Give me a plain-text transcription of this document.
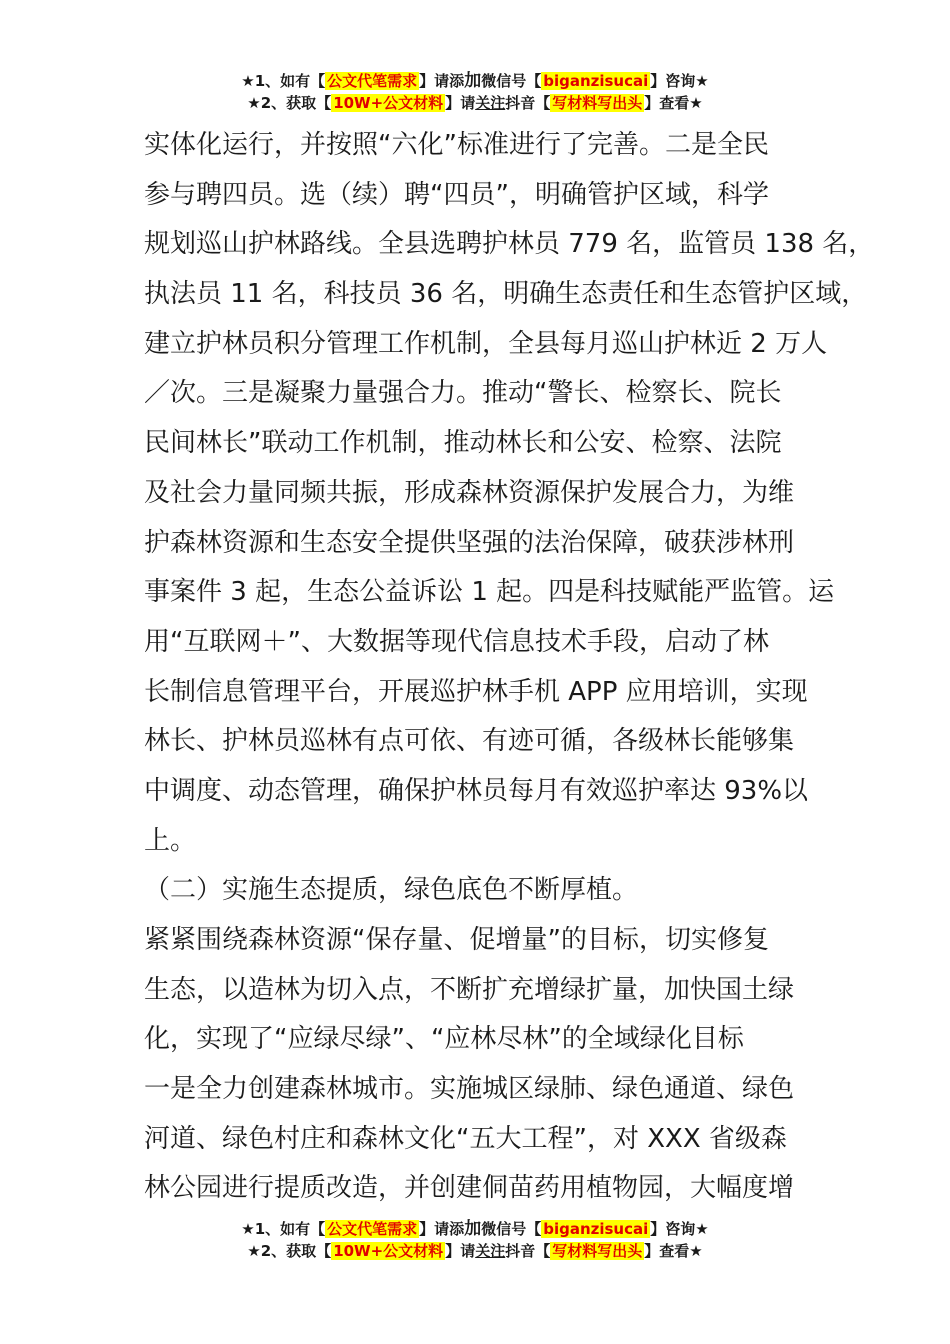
★1、如有【 公文代笔需求 】请添加微信号【 biganzisucai 】咨询★
★2、获取【 10W+公文材料 】请关注抖音【 写材料写出头 】查看★
实体化运行，并按照“六化”标准进行了完善。二是全民
参与聘四员。选（续）聘“四员”，明确管护区域，科学
规划巡山护林路线。全县选聘护林员 779 名，监管员 138 名，
执法员 11 名，科技员 36 名，明确生态责任和生态管护区域，
建立护林员积分管理工作机制，全县每月巡山护林近 2 万人
／次。三是凝聚力量强合力。推动“警长、检察长、院长
民间林长”联动工作机制，推动林长和公安、检察、法院
及社会力量同频共振，形成森林资源保护发展合力，为维
护森林资源和生态安全提供坚强的法治保障，破获涉林刑
事案件 3 起，生态公益诉讼 1 起。四是科技赋能严监管。运
用“互联网＋”、大数据等现代信息技术手段，启动了林
长制信息管理平台，开展巡护林手机 APP 应用培训，实现
林长、护林员巡林有点可依、有迹可循，各级林长能够集
中调度、动态管理，确保护林员每月有效巡护率达 93%以
上。
（二）实施生态提质，绿色底色不断厚植。
紧紧围绕森林资源“保存量、促增量”的目标，切实修复
生态，以造林为切入点，不断扩充增绿扩量，加快国土绿
化，实现了“应绿尽绿”、“应林尽林”的全域绿化目标
一是全力创建森林城市。实施城区绿肺、绿色通道、绿色
河道、绿色村庄和森林文化“五大工程”，对 XXX 省级森
林公园进行提质改造，并创建侗苗药用植物园，大幅度增
★1、如有【 公文代笔需求 】请添加微信号【 biganzisucai 】咨询★
★2、获取【 10W+公文材料 】请关注抖音【 写材料写出头 】查看★
